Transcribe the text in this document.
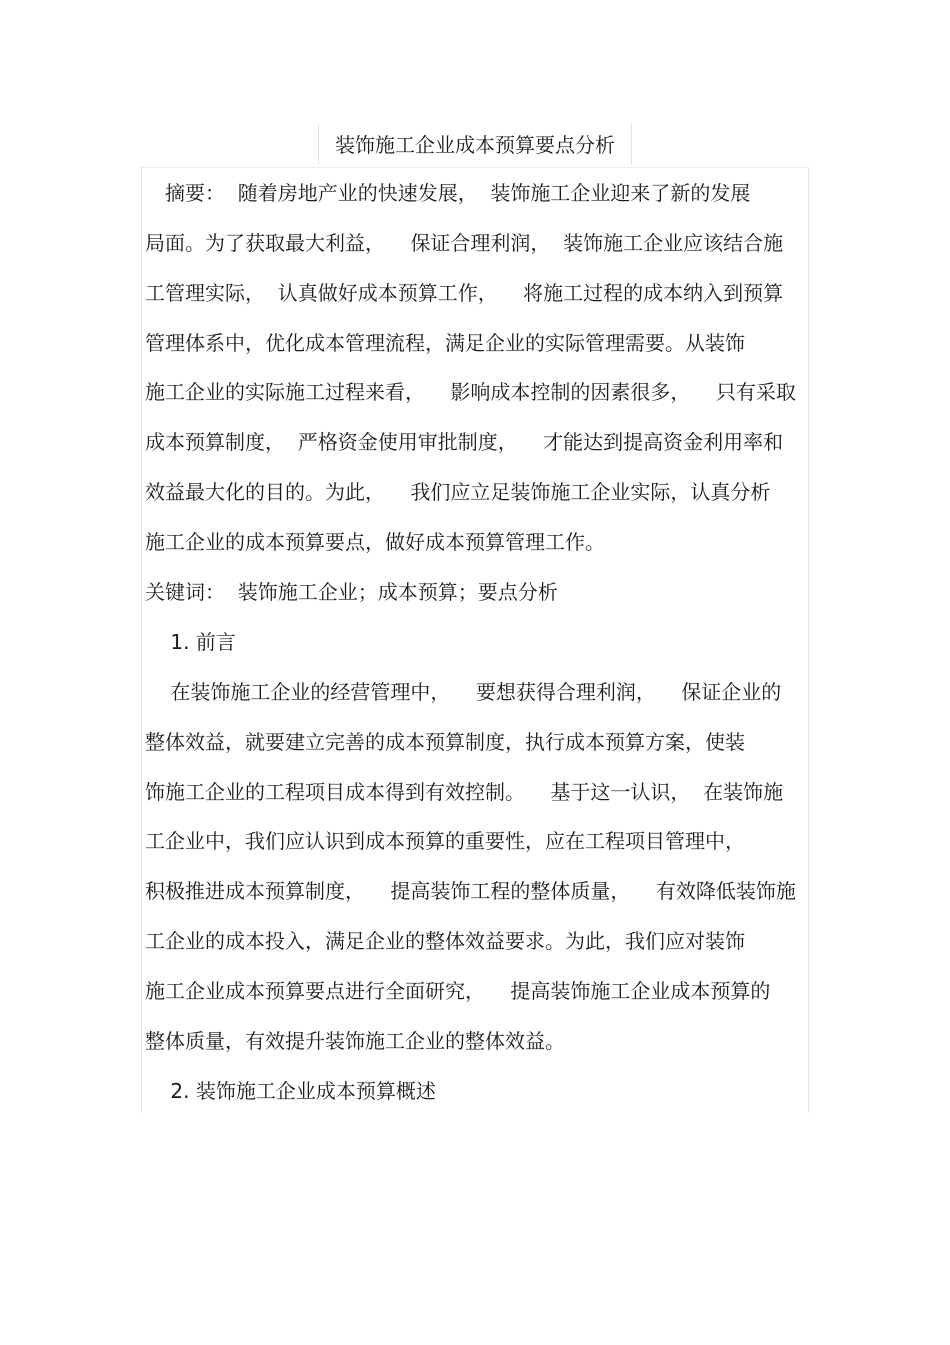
装饰施工企业成本预算要点分析
　摘要：  随着房地产业的快速发展，  装饰施工企业迎来了新的发展
局面。为了获取最大利益，    保证合理利润，  装饰施工企业应该结合施
工管理实际，  认真做好成本预算工作，    将施工过程的成本纳入到预算
管理体系中，优化成本管理流程，满足企业的实际管理需要。从装饰
施工企业的实际施工过程来看，    影响成本控制的因素很多，    只有采取
成本预算制度，  严格资金使用审批制度，    才能达到提高资金利用率和
效益最大化的目的。为此，    我们应立足装饰施工企业实际，认真分析
施工企业的成本预算要点，做好成本预算管理工作。
关键词：  装饰施工企业；成本预算；要点分析
1. 前言
在装饰施工企业的经营管理中，    要想获得合理利润，    保证企业的
整体效益，就要建立完善的成本预算制度，执行成本预算方案，使装
饰施工企业的工程项目成本得到有效控制。    基于这一认识，  在装饰施
工企业中，我们应认识到成本预算的重要性，应在工程项目管理中，
积极推进成本预算制度，    提高装饰工程的整体质量，    有效降低装饰施
工企业的成本投入，满足企业的整体效益要求。为此，我们应对装饰
施工企业成本预算要点进行全面研究，    提高装饰施工企业成本预算的
整体质量，有效提升装饰施工企业的整体效益。
2. 装饰施工企业成本预算概述
